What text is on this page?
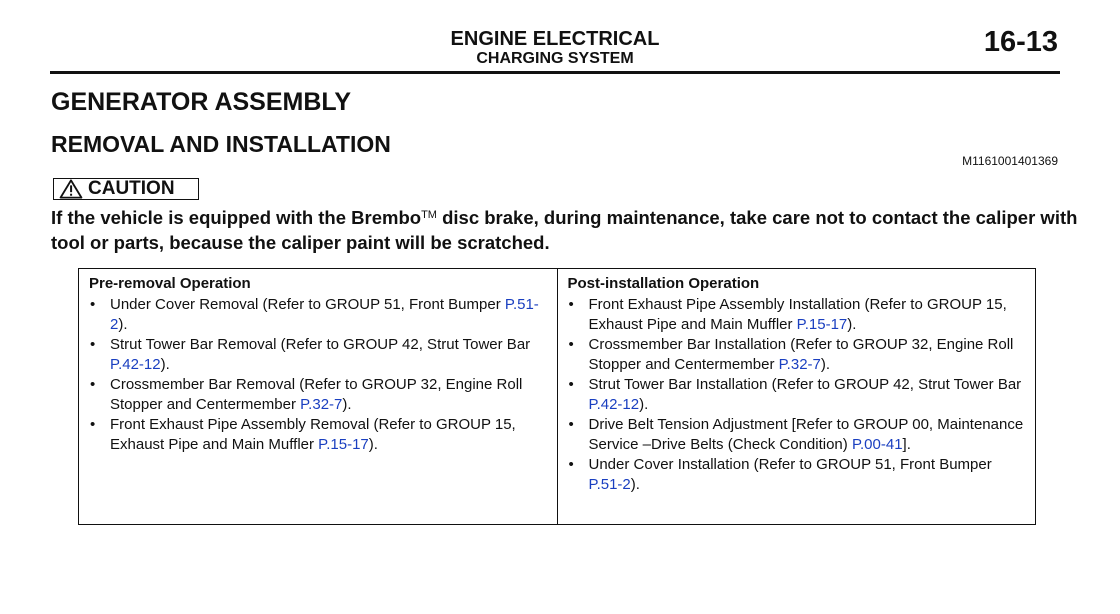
ENGINE ELECTRICAL
CHARGING SYSTEM
16-13
GENERATOR ASSEMBLY
REMOVAL AND INSTALLATION
M1161001401369
CAUTION
If the vehicle is equipped with the Brembo™ disc brake, during maintenance, take care not to contact the caliper with tool or parts, because the caliper paint will be scratched.
Pre-removal Operation
• Under Cover Removal (Refer to GROUP 51, Front Bumper P.51-2).
• Strut Tower Bar Removal (Refer to GROUP 42, Strut Tower Bar P.42-12).
• Crossmember Bar Removal (Refer to GROUP 32, Engine Roll Stopper and Centermember P.32-7).
• Front Exhaust Pipe Assembly Removal (Refer to GROUP 15, Exhaust Pipe and Main Muffler P.15-17).

Post-installation Operation
• Front Exhaust Pipe Assembly Installation (Refer to GROUP 15, Exhaust Pipe and Main Muffler P.15-17).
• Crossmember Bar Installation (Refer to GROUP 32, Engine Roll Stopper and Centermember P.32-7).
• Strut Tower Bar Installation (Refer to GROUP 42, Strut Tower Bar P.42-12).
• Drive Belt Tension Adjustment [Refer to GROUP 00, Maintenance Service –Drive Belts (Check Condition) P.00-41].
• Under Cover Installation (Refer to GROUP 51, Front Bumper P.51-2).
